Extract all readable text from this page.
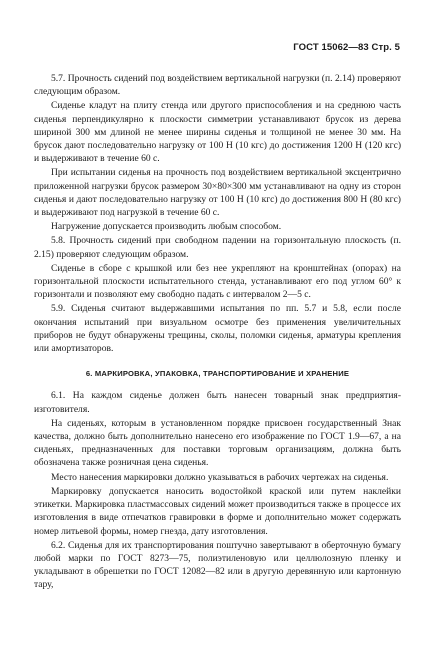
ГОСТ 15062—83 Стр. 5

5.7. Прочность сидений под воздействием вертикальной нагрузки (п. 2.14) проверяют следующим образом.

Сиденье кладут на плиту стенда или другого приспособления и на среднюю часть сиденья перпендикулярно к плоскости симметрии устанавливают брусок из дерева шириной 300 мм длиной не менее ширины сиденья и толщиной не менее 30 мм. На брусок дают последовательно нагрузку от 100 Н (10 кгс) до достижения 1200 Н (120 кгс) и выдерживают в течение 60 с.

При испытании сиденья на прочность под воздействием вертикальной эксцентрично приложенной нагрузки брусок размером 30×80×300 мм устанавливают на одну из сторон сиденья и дают последовательно нагрузку от 100 Н (10 кгс) до достижения 800 Н (80 кгс) и выдерживают под нагрузкой в течение 60 с.

Нагружение допускается производить любым способом.

5.8. Прочность сидений при свободном падении на горизонтальную плоскость (п. 2.15) проверяют следующим образом.

Сиденье в сборе с крышкой или без нее укрепляют на кронштейнах (опорах) на горизонтальной плоскости испытательного стенда, устанавливают его под углом 60° к горизонтали и позволяют ему свободно падать с интервалом 2—5 с.

5.9. Сиденья считают выдержавшими испытания по пп. 5.7 и 5.8, если после окончания испытаний при визуальном осмотре без применения увеличительных приборов не будут обнаружены трещины, сколы, поломки сиденья, арматуры крепления или амортизаторов.

6. МАРКИРОВКА, УПАКОВКА, ТРАНСПОРТИРОВАНИЕ И ХРАНЕНИЕ

6.1. На каждом сиденье должен быть нанесен товарный знак предприятия-изготовителя.

На сиденьях, которым в установленном порядке присвоен государственный Знак качества, должно быть дополнительно нанесено его изображение по ГОСТ 1.9—67, а на сиденьях, предназначенных для поставки торговым организациям, должна быть обозначена также розничная цена сиденья.

Место нанесения маркировки должно указываться в рабочих чертежах на сиденья.

Маркировку допускается наносить водостойкой краской или путем наклейки этикетки. Маркировка пластмассовых сидений может производиться также в процессе их изготовления в виде отпечатков гравировки в форме и дополнительно может содержать номер литьевой формы, номер гнезда, дату изготовления.

6.2. Сиденья для их транспортирования поштучно завертывают в оберточную бумагу любой марки по ГОСТ 8273—75, полиэтиленовую или целлюлозную пленку и укладывают в обрешетки по ГОСТ 12082—82 или в другую деревянную или картонную тару,
